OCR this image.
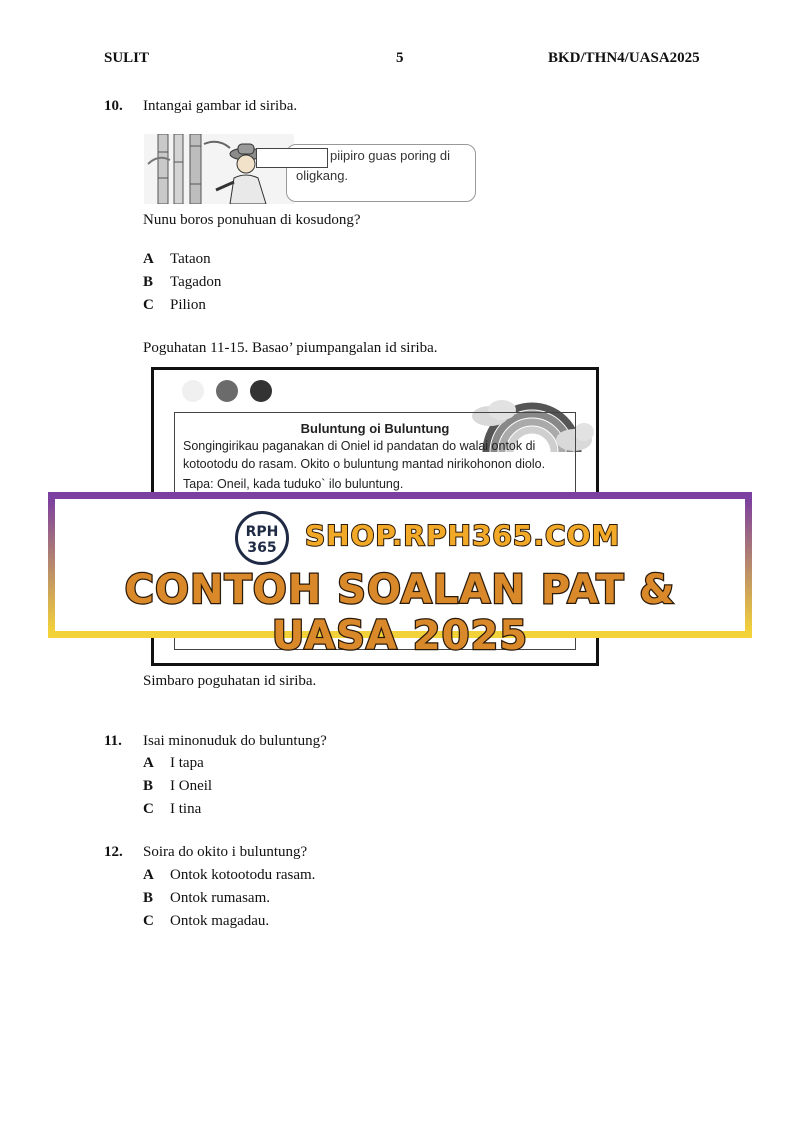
SULIT	5	BKD/THN4/UASA2025
10. Intangai gambar id siriba.
piipiro guas poring di
oligkang.
Nunu boros ponuhuan di kosudong?
A Tataon
B Tagadon
C Pilion
Poguhatan 11-15. Basao’ piumpangalan id siriba.
Buluntung oi Buluntung
Songingirikau paganakan di Oniel id pandatan do walai ontok di
kotootodu do rasam. Okito o buluntung mantad nirikohonon diolo.
Tapa: Oneil, kada tuduko` ilo buluntung.
RPH 365	SHOP.RPH365.COM
CONTOH SOALAN PAT & UASA 2025
Simbaro poguhatan id siriba.
11. Isai minonuduk do buluntung?
A I tapa
B I Oneil
C I tina
12. Soira do okito i buluntung?
A Ontok kotootodu rasam.
B Ontok rumasam.
C Ontok magadau.
